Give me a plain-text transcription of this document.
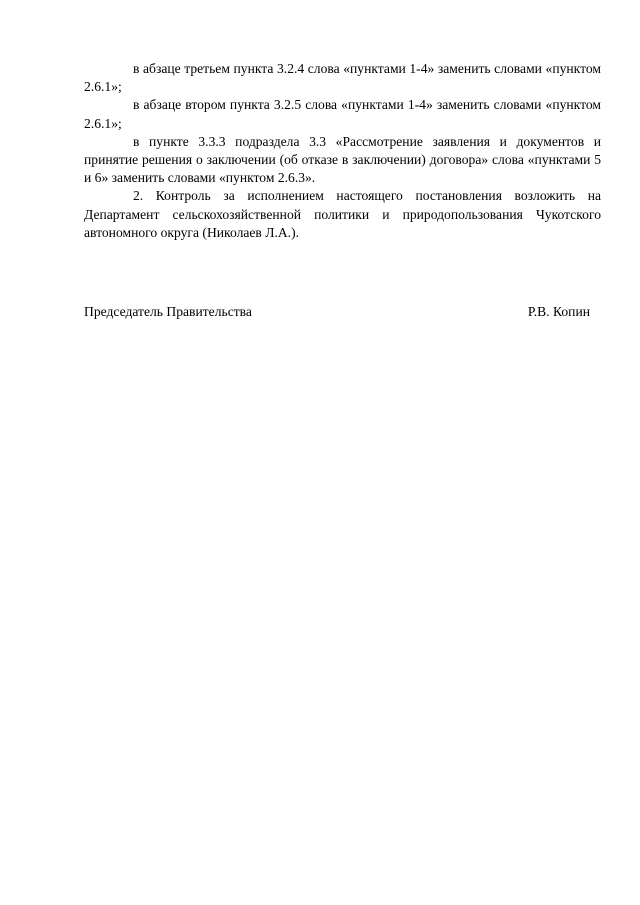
в абзаце третьем пункта 3.2.4 слова «пунктами 1-4» заменить словами «пунктом 2.6.1»;

в абзаце втором пункта 3.2.5 слова «пунктами 1-4» заменить словами «пунктом 2.6.1»;

в пункте 3.3.3 подраздела 3.3 «Рассмотрение заявления и документов и принятие решения о заключении (об отказе в заключении) договора» слова «пунктами 5 и 6» заменить словами «пунктом 2.6.3».

2. Контроль за исполнением настоящего постановления возложить на Департамент сельскохозяйственной политики и природопользования Чукотского автономного округа (Николаев Л.А.).

Председатель Правительства	Р.В. Копин
